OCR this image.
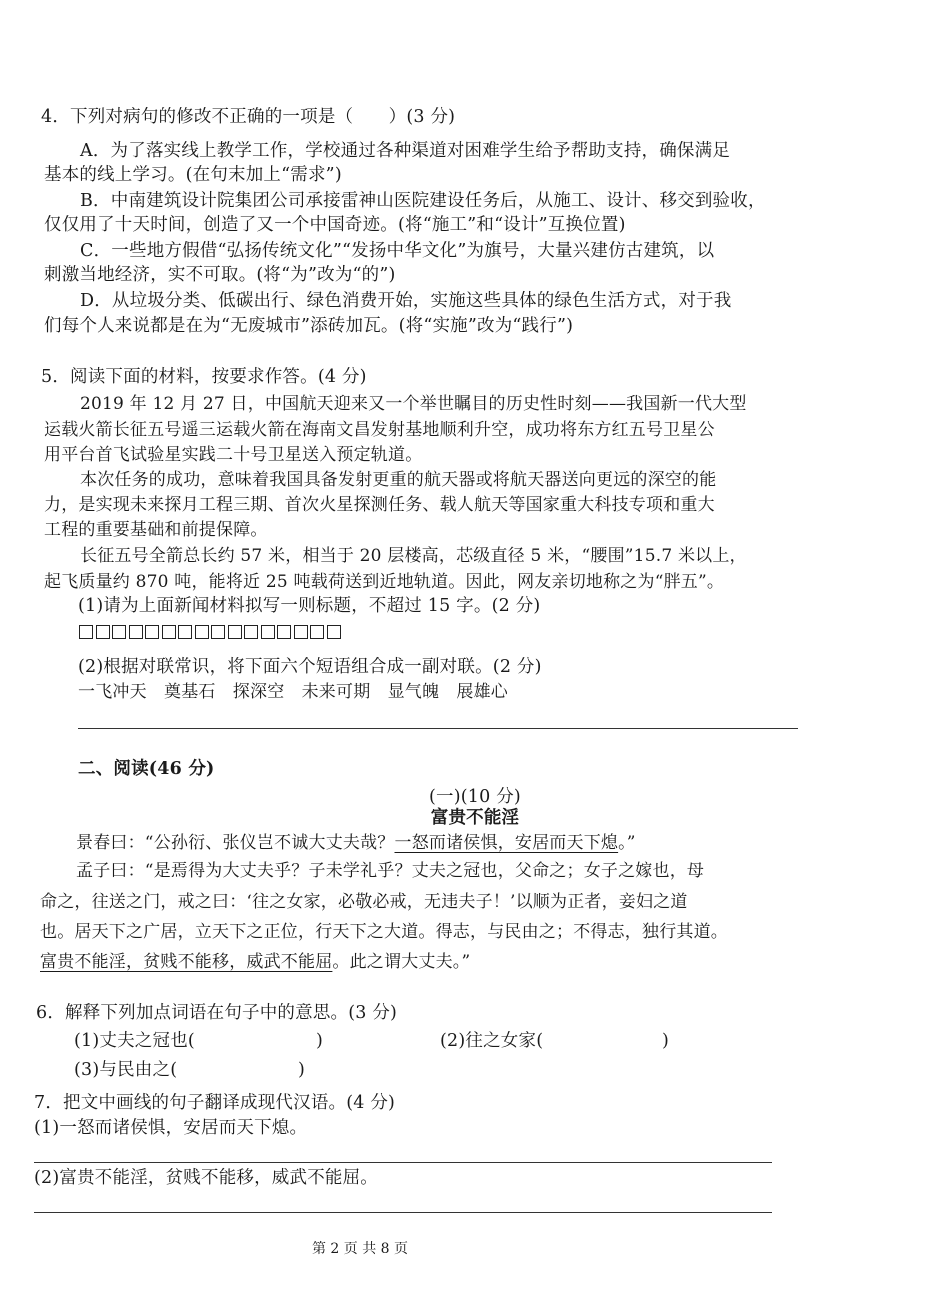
4．下列对病句的修改不正确的一项是（　　）(3 分)
A．为了落实线上教学工作，学校通过各种渠道对困难学生给予帮助支持，确保满足
基本的线上学习。(在句末加上“需求”)
B．中南建筑设计院集团公司承接雷神山医院建设任务后，从施工、设计、移交到验收，
仅仅用了十天时间，创造了又一个中国奇迹。(将“施工”和“设计”互换位置)
C．一些地方假借“弘扬传统文化”“发扬中华文化”为旗号，大量兴建仿古建筑，以
刺激当地经济，实不可取。(将“为”改为“的”)
D．从垃圾分类、低碳出行、绿色消费开始，实施这些具体的绿色生活方式，对于我
们每个人来说都是在为“无废城市”添砖加瓦。(将“实施”改为“践行”)
5．阅读下面的材料，按要求作答。(4 分)
2019 年 12 月 27 日，中国航天迎来又一个举世瞩目的历史性时刻——我国新一代大型
运载火箭长征五号遥三运载火箭在海南文昌发射基地顺利升空，成功将东方红五号卫星公
用平台首飞试验星实践二十号卫星送入预定轨道。
本次任务的成功，意味着我国具备发射更重的航天器或将航天器送向更远的深空的能
力，是实现未来探月工程三期、首次火星探测任务、载人航天等国家重大科技专项和重大
工程的重要基础和前提保障。
长征五号全箭总长约 57 米，相当于 20 层楼高，芯级直径 5 米，“腰围”15.7 米以上，
起飞质量约 870 吨，能将近 25 吨载荷送到近地轨道。因此，网友亲切地称之为“胖五”。
(1)请为上面新闻材料拟写一则标题，不超过 15 字。(2 分)
(2)根据对联常识，将下面六个短语组合成一副对联。(2 分)
一飞冲天　奠基石　探深空　未来可期　显气魄　展雄心
二、阅读(46 分)
(一)(10 分)
富贵不能淫
景春曰：“公孙衍、张仪岂不诚大丈夫哉？一怒而诸侯惧，安居而天下熄。”
孟子曰：“是焉得为大丈夫乎？子未学礼乎？丈夫之冠也，父命之；女子之嫁也，母
命之，往送之门，戒之曰：‘往之女家，必敬必戒，无违夫子！’以顺为正者，妾妇之道
也。居天下之广居，立天下之正位，行天下之大道。得志，与民由之；不得志，独行其道。
富贵不能淫，贫贱不能移，威武不能屈。此之谓大丈夫。”
6．解释下列加点词语在句子中的意思。(3 分)
(1)丈夫之冠也(	)	(2)往之女家(	)
(3)与民由之(	)
7．把文中画线的句子翻译成现代汉语。(4 分)
(1)一怒而诸侯惧，安居而天下熄。
(2)富贵不能淫，贫贱不能移，威武不能屈。
第 2 页 共 8 页
